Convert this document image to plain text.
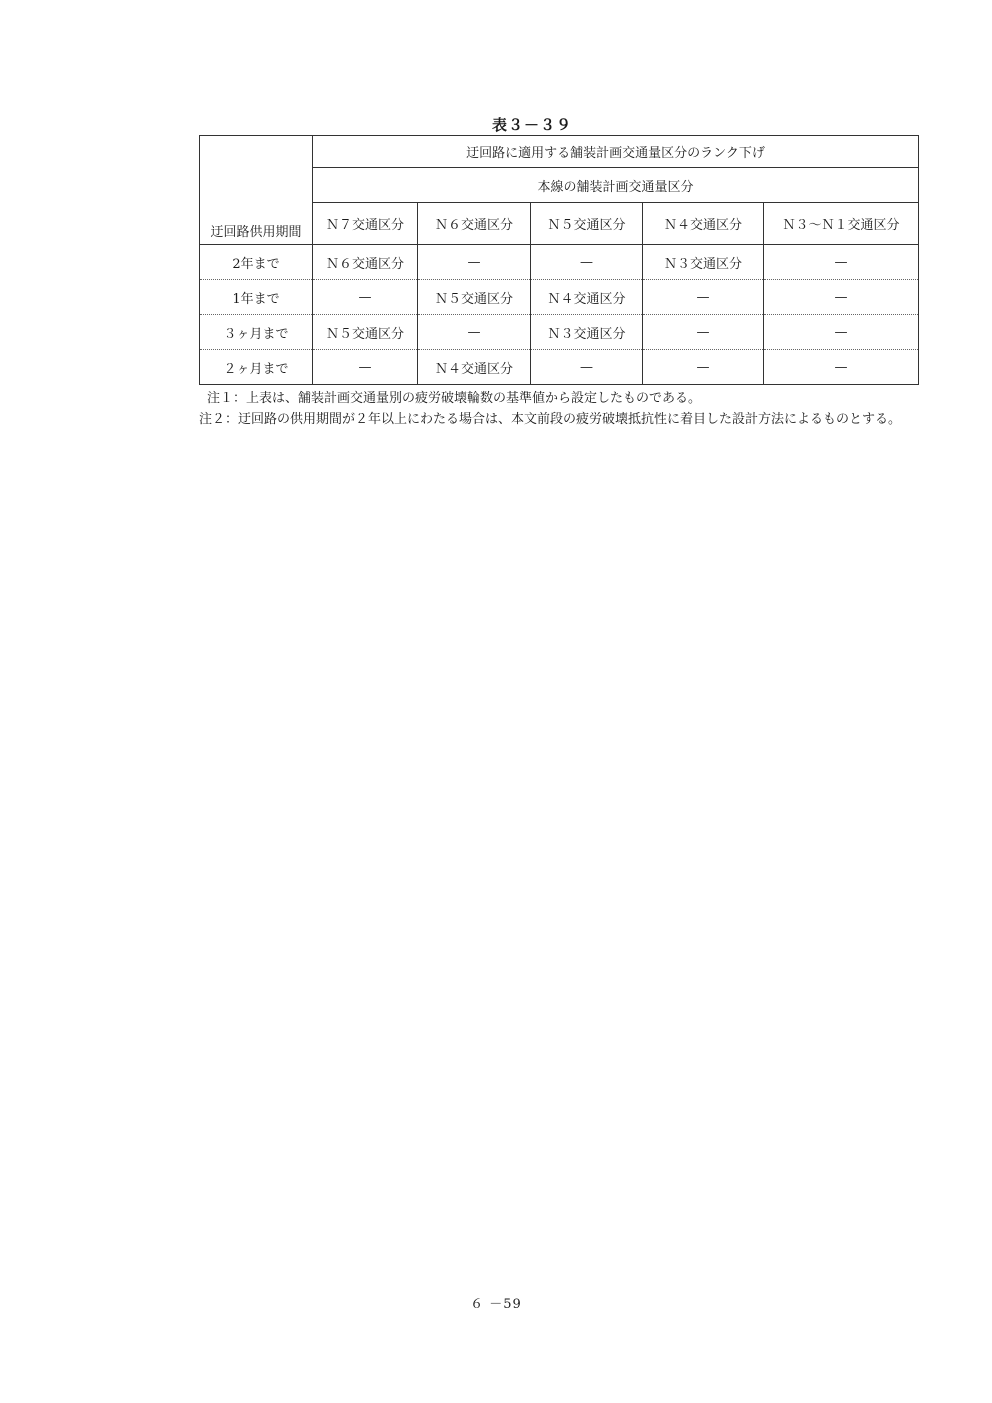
表３－３９
迂回路供用期間	迂回路に適用する舗装計画交通量区分のランク下げ				
	本線の舗装計画交通量区分				
	Ｎ７交通区分	Ｎ６交通区分	Ｎ５交通区分	Ｎ４交通区分	Ｎ３～Ｎ１交通区分
2年まで	Ｎ６交通区分	—	—	Ｎ３交通区分	—
1年まで	—	Ｎ５交通区分	Ｎ４交通区分	—	—
３ヶ月まで	Ｎ５交通区分	—	Ｎ３交通区分	—	—
２ヶ月まで	—	Ｎ４交通区分	—	—	—
注１：上表は、舗装計画交通量別の疲労破壊輪数の基準値から設定したものである。
注２：迂回路の供用期間が２年以上にわたる場合は、本文前段の疲労破壊抵抗性に着目した設計方法によるものとする。
６ －59
